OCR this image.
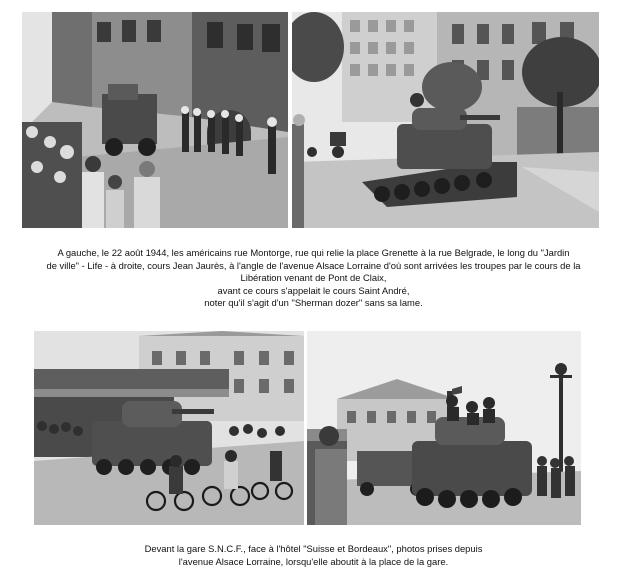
A gauche, le 22 août 1944, les américains rue Montorge, rue qui relie la place Grenette à la rue Belgrade, le long du "Jardin
de ville" - Life - à droite, cours Jean Jaurès, à l'angle de l'avenue Alsace Lorraine d'où sont arrivées les troupes par le cours de la
Libération venant de Pont de Claix,
avant ce cours s'appelait le cours Saint André,
noter qu'il s'agit d'un "Sherman dozer" sans sa lame.
Devant la gare S.N.C.F., face à l'hôtel "Suisse et Bordeaux", photos prises depuis
l'avenue Alsace Lorraine, lorsqu'elle aboutit à la place de la gare.
